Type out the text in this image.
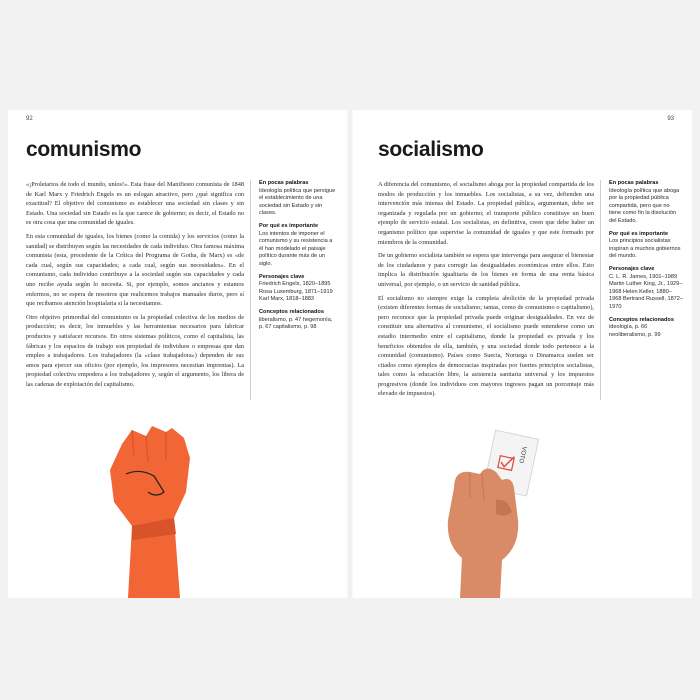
92
comunismo

«¡Proletarios de todo el mundo, uníos!». Esta frase del Manifiesto comunista de 1848 de Karl Marx y Friedrich Engels es un eslogan atractivo, pero ¿qué significa con exactitud? El objetivo del comunismo es establecer una sociedad sin clases y sin Estado. Una sociedad sin Estado es la que carece de gobierno; es decir, el Estado no es otra cosa que una comunidad de iguales.

En esta comunidad de iguales, los bienes (como la comida) y los servicios (como la sanidad) se distribuyen según las necesidades de cada individuo. Otra famosa máxima comunista (esta, procedente de la Crítica del Programa de Gotha, de Marx) es «de cada cual, según sus capacidades; a cada cual, según sus necesidades». En el comunismo, cada individuo contribuye a la sociedad según sus capacidades y cada uno recibe ayuda según lo necesita. Si, por ejemplo, somos ancianos y estamos enfermos, no se espera de nosotros que realicemos trabajos manuales duros, pero sí que recibamos atención hospitalaria si la necesitamos.

Otro objetivo primordial del comunismo es la propiedad colectiva de los medios de producción; es decir, los inmuebles y las herramientas necesarios para fabricar productos y satisfacer recursos. En otros sistemas políticos, como el capitalista, las fábricas y los espacios de trabajo son propiedad de individuos o empresas que dan empleo a trabajadores. Los trabajadores (la «clase trabajadora») dependen de sus amos para ejercer sus oficios (por ejemplo, los impresores necesitan imprentas). La propiedad colectiva empodera a los trabajadores y, según el argumento, los libera de las cadenas de explotación del capitalismo.

En pocas palabras

Ideología política que persigue el establecimiento de una sociedad sin Estado y sin clases.

Por qué es importante

Los intentos de imponer el comunismo y su resistencia a él han modelado el paisaje político durante más de un siglo.

Personajes clave

Friedrich Engels, 1820–1895 Rosa Luxemburg, 1871–1919 Karl Marx, 1818–1883

Conceptos relacionados

liberalismo, p. 47 hegemonía, p. 67 capitalismo, p. 98

93
socialismo

A diferencia del comunismo, el socialismo aboga por la propiedad compartida de los modos de producción y los inmuebles. Los socialistas, a su vez, defienden una intervención más intensa del Estado. La propiedad pública, argumentan, debe ser organizada y regulada por un gobierno; el transporte público constituye un buen ejemplo de servicio estatal. Los socialistas, en definitiva, creen que debe haber un organismo político que supervise la comunidad de iguales y que este formado por miembros de la comunidad.

De un gobierno socialista también se espera que intervenga para asegurar el bienestar de los ciudadanos y para corregir las desigualdades económicas entre ellos. Esto implica la distribución igualitaria de los bienes en forma de una renta básica universal, por ejemplo, o un servicio de sanidad pública.

El socialismo no siempre exige la completa abolición de la propiedad privada (existen diferentes formas de socialismo; tantas, como de comunismo o capitalismo), pero reconoce que la propiedad privada puede originar desigualdades. En vez de constituir una alternativa al comunismo, el socialismo puede entenderse como un estadio intermedio entre el capitalismo, donde la propiedad es privada y los beneficios obtenidos de ella, también, y una sociedad donde todo pertenece a la comunidad (comunismo). Países como Suecia, Noruega o Dinamarca suelen ser citados como ejemplos de democracias inspiradas por fuertes principios socialistas, tales como la educación libre, la asistencia sanitaria universal y los impuestos progresivos (donde los individuos con mayores ingresos pagan un porcentaje más elevado de impuestos).

En pocas palabras

Ideología política que aboga por la propiedad pública compartida, pero que no tiene como fin la disolución del Estado.

Por qué es importante

Los principios socialistas inspiran a muchos gobiernos del mundo.

Personajes clave

C. L. R. James, 1901–1989 Martin Luther King, Jr., 1929–1968 Helen Keller, 1880–1968 Bertrand Russell, 1872–1970

Conceptos relacionados

ideología, p. 66 neoliberalismo, p. 99

VOTO
